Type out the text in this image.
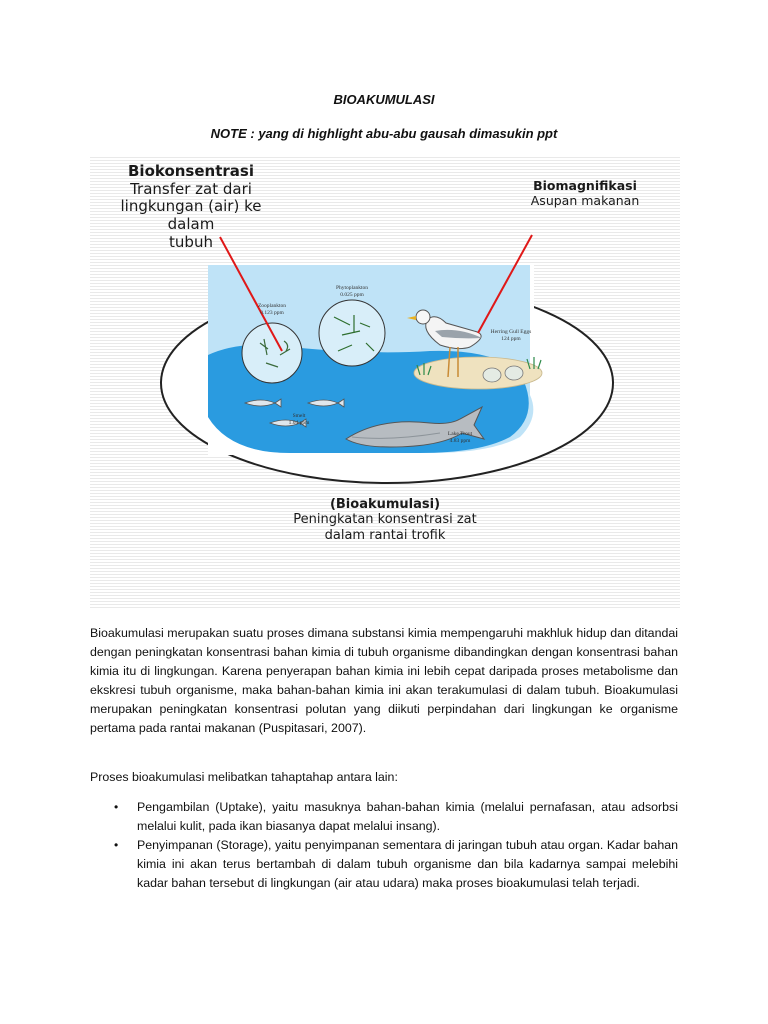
BIOAKUMULASI
NOTE : yang di highlight abu-abu gausah dimasukin ppt
Biokonsentrasi
Transfer zat dari
lingkungan (air) ke dalam
tubuh
Biomagnifikasi
Asupan makanan
(Bioakumulasi)
Peningkatan konsentrasi zat
dalam rantai trofik
Zooplankton
0.123 ppm
Phytoplankton
0.025 ppm
Herring Gull Eggs
124 ppm
Smelt
1.04 ppm
Lake Trout
4.83 ppm

Bioakumulasi merupakan suatu proses dimana substansi kimia mempengaruhi makhluk hidup dan ditandai dengan peningkatan konsentrasi bahan kimia di tubuh organisme dibandingkan dengan konsentrasi bahan kimia itu di lingkungan. Karena penyerapan bahan kimia ini lebih cepat daripada proses metabolisme dan ekskresi tubuh organisme, maka bahan-bahan kimia ini akan terakumulasi di dalam tubuh. Bioakumulasi merupakan peningkatan konsentrasi polutan yang diikuti perpindahan dari lingkungan ke organisme pertama pada rantai makanan (Puspitasari, 2007).

Proses bioakumulasi melibatkan tahaptahap antara lain:

• Pengambilan (Uptake), yaitu masuknya bahan-bahan kimia (melalui pernafasan, atau adsorbsi melalui kulit, pada ikan biasanya dapat melalui insang).
• Penyimpanan (Storage), yaitu penyimpanan sementara di jaringan tubuh atau organ. Kadar bahan kimia ini akan terus bertambah di dalam tubuh organisme dan bila kadarnya sampai melebihi kadar bahan tersebut di lingkungan (air atau udara) maka proses bioakumulasi telah terjadi.
